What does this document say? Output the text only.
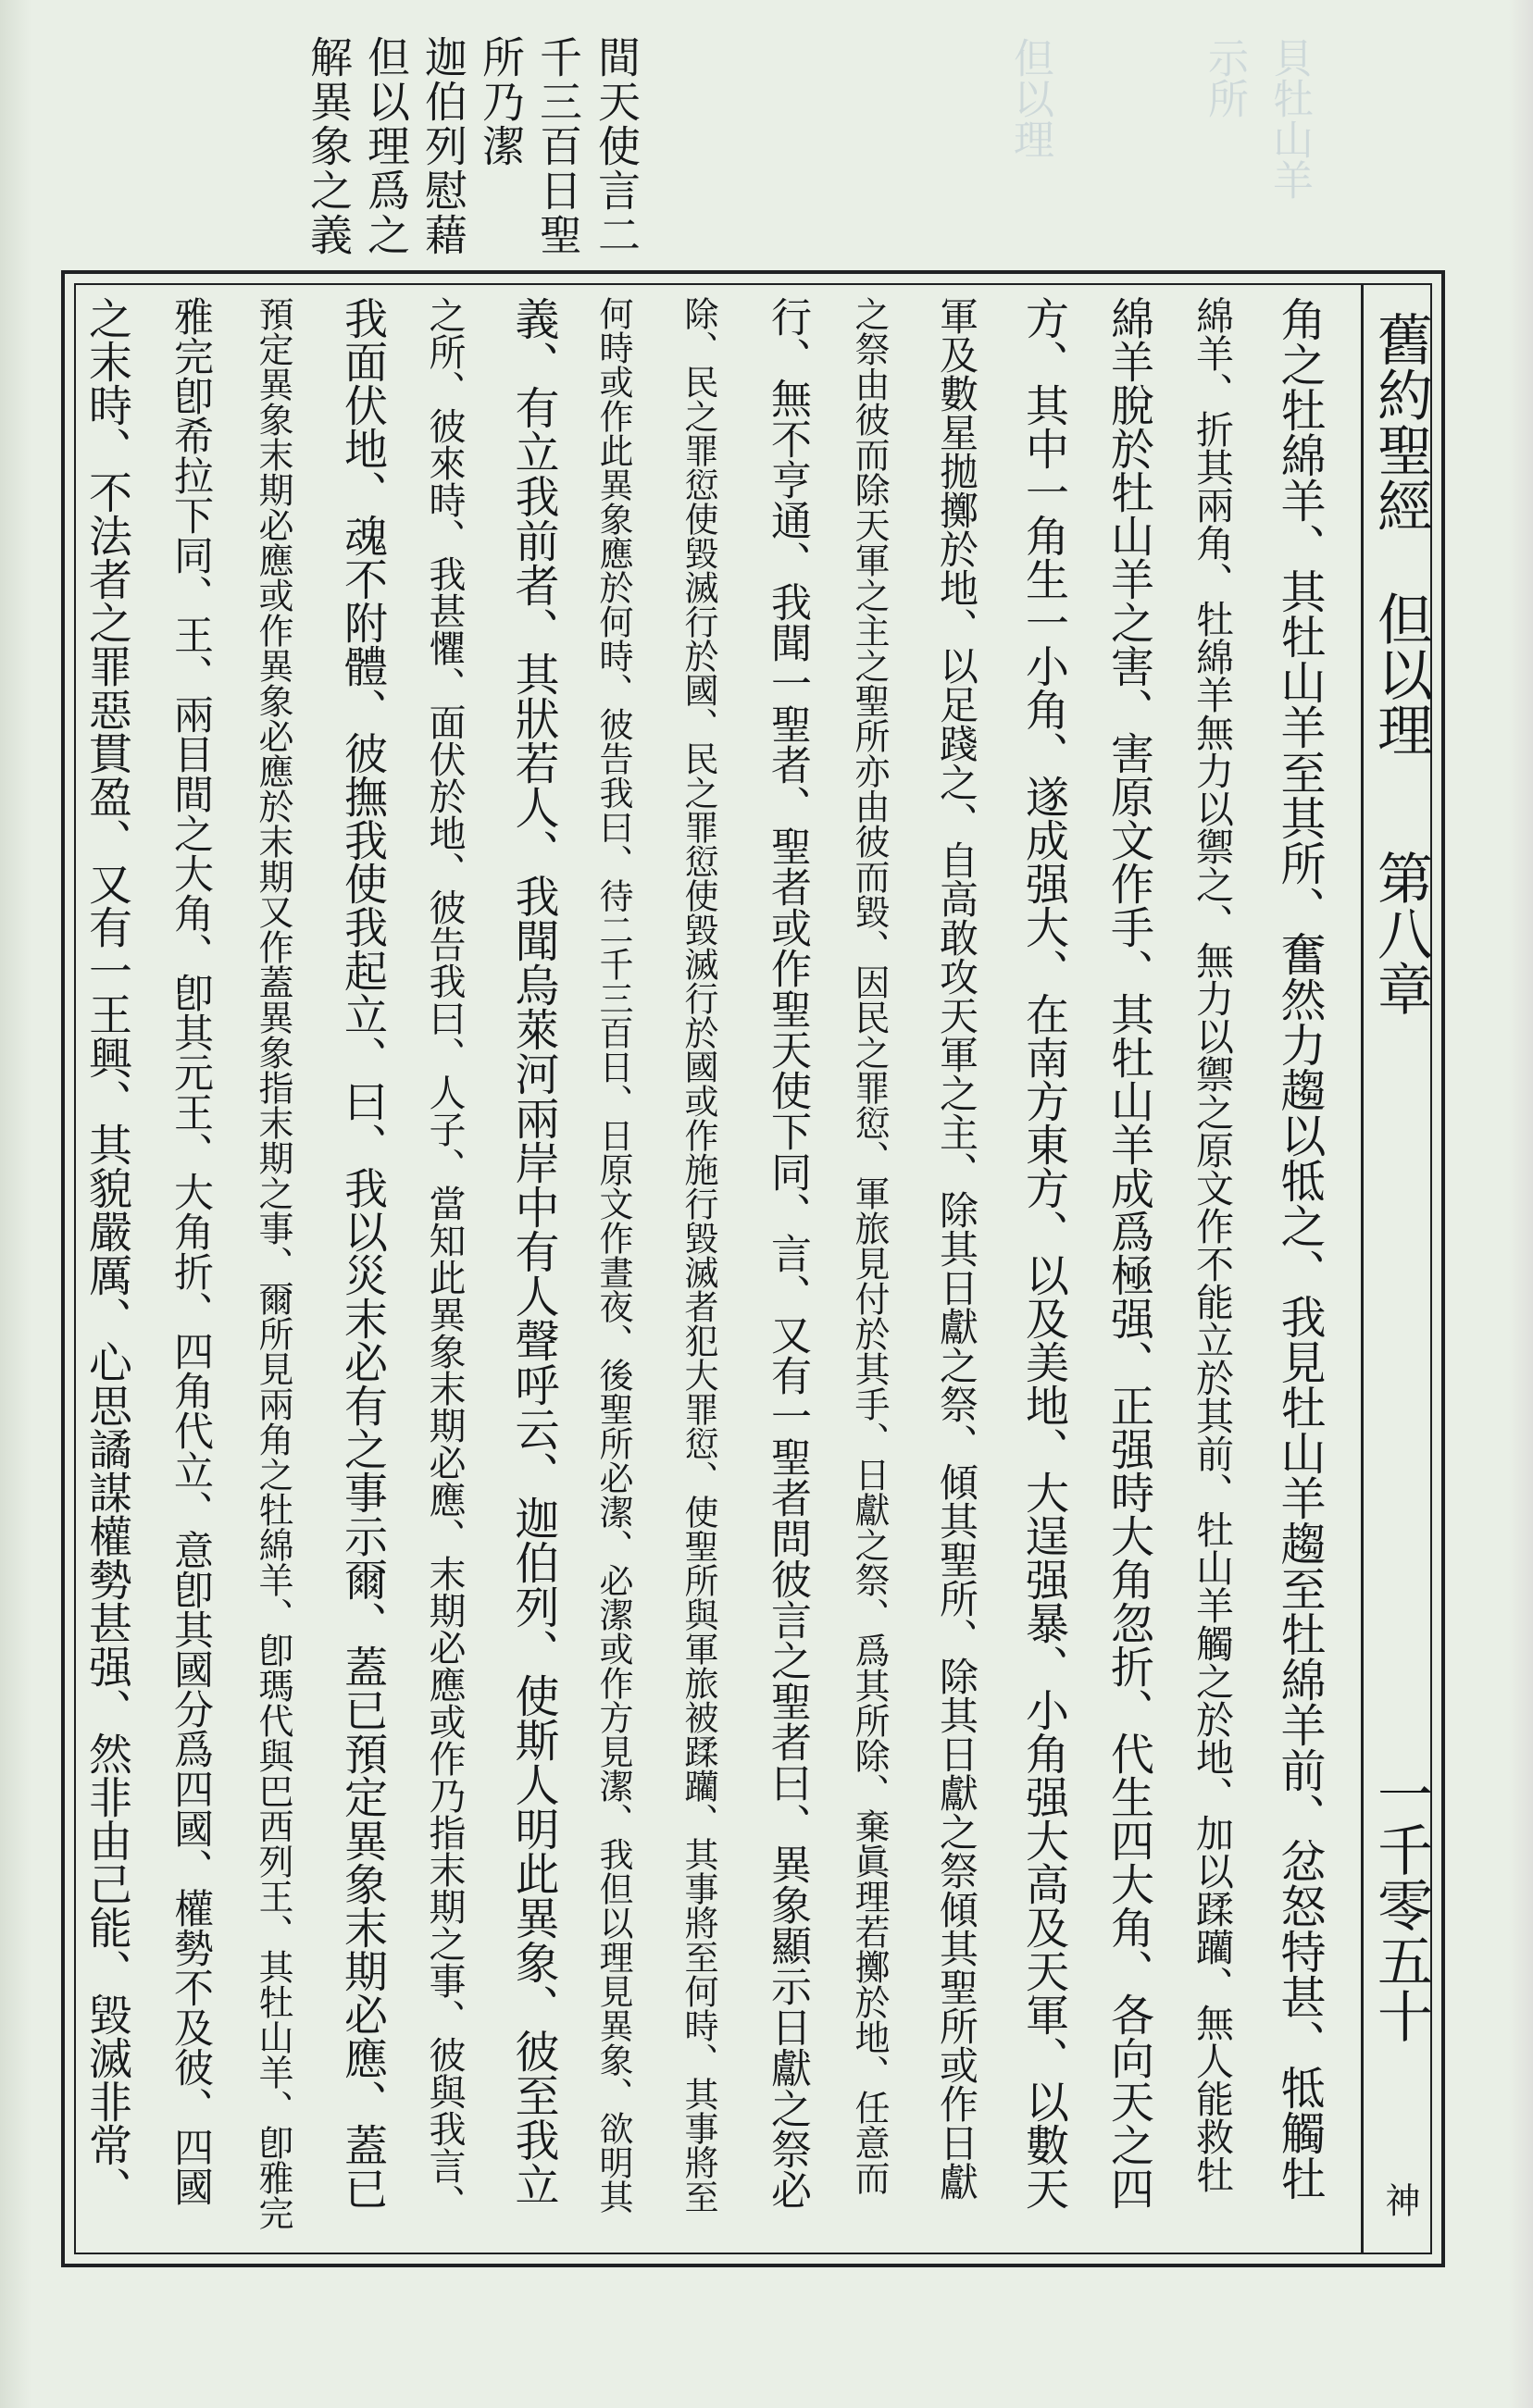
貝牡山羊
示所
但以理
間天使言二
千三百日聖
所乃潔
迦伯列慰藉
但以理爲之
解異象之義
舊約聖經
但以理
第八章
一千零五十
神
角之牡綿羊、其牡山羊至其所、奮然力趨以牴之、我見牡山羊趨至牡綿羊前、忿怒特甚、牴觸牡
綿羊、折其兩角、牡綿羊無力以禦之、無力以禦之原文作不能立於其前、牡山羊觸之於地、加以蹂躪、無人能救牡
綿羊脫於牡山羊之害、害原文作手、其牡山羊成爲極强、正强時大角忽折、代生四大角、各向天之四
方、其中一角生一小角、遂成强大、在南方東方、以及美地、大逞强暴、小角强大高及天軍、以數天
軍及數星拋擲於地、以足踐之、自高敢攻天軍之主、除其日獻之祭、傾其聖所、除其日獻之祭傾其聖所或作日獻
之祭由彼而除天軍之主之聖所亦由彼而毀、因民之罪愆、軍旅見付於其手、日獻之祭、爲其所除、棄眞理若擲於地、任意而
行、無不亨通、我聞一聖者、聖者或作聖天使下同、言、又有一聖者問彼言之聖者曰、異象顯示日獻之祭必
除、民之罪愆使毀滅行於國、民之罪愆使毀滅行於國或作施行毀滅者犯大罪愆、使聖所與軍旅被蹂躪、其事將至何時、其事將至
何時或作此異象應於何時、彼告我曰、待二千三百日、日原文作晝夜、後聖所必潔、必潔或作方見潔、我但以理見異象、欲明其
義、有立我前者、其狀若人、我聞烏萊河兩岸中有人聲呼云、迦伯列、使斯人明此異象、彼至我立
之所、彼來時、我甚懼、面伏於地、彼告我曰、人子、當知此異象末期必應、末期必應或作乃指末期之事、彼與我言、
我面伏地、魂不附體、彼撫我使我起立、曰、我以災末必有之事示爾、蓋已預定異象末期必應、蓋已
預定異象末期必應或作異象必應於末期又作蓋異象指末期之事、爾所見兩角之牡綿羊、卽瑪代與巴西列王、其牡山羊、卽雅完
雅完卽希拉下同、王、兩目間之大角、卽其元王、大角折、四角代立、意卽其國分爲四國、權勢不及彼、四國
之末時、不法者之罪惡貫盈、又有一王興、其貌嚴厲、心思譎謀權勢甚强、然非由己能、毀滅非常、
